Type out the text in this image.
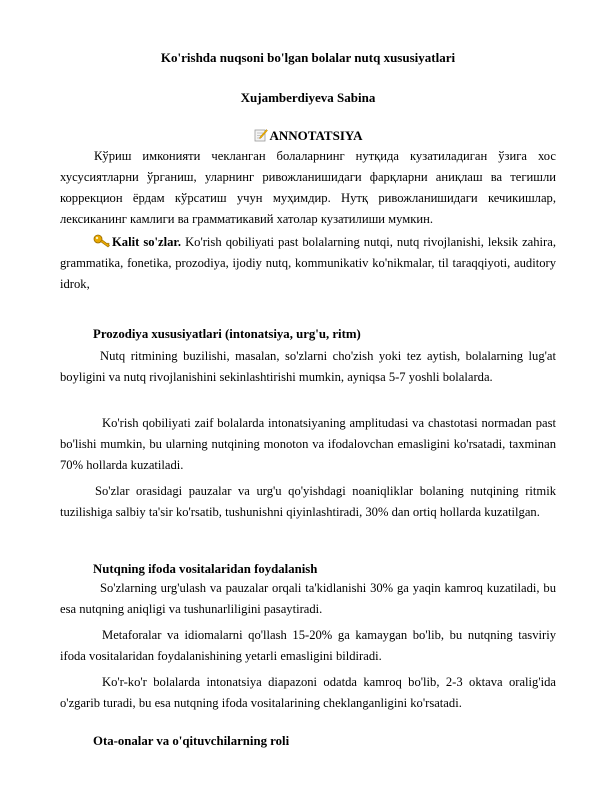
Ko'rishda nuqsoni bo'lgan bolalar nutq xususiyatlari
Xujamberdiyeva Sabina
ANNOTATSIYA
Кўриш имконияти чекланган болаларнинг нутқида кузатиладиган ўзига хос хусусиятларни ўрганиш, уларнинг ривожланишидаги фарқларни аниқлаш ва тегишли коррекцион ёрдам кўрсатиш учун муҳимдир. Нутқ ривожланишидаги кечикишлар, лексиканинг камлиги ва грамматикавий хатолар кузатилиши мумкин.
Kalit so'zlar. Ko'rish qobiliyati past bolalarning nutqi, nutq rivojlanishi, leksik zahira, grammatika, fonetika, prozodiya, ijodiy nutq, kommunikativ ko'nikmalar, til taraqqiyoti, auditory idrok,
Prozodiya xususiyatlari (intonatsiya, urg'u, ritm)
Nutq ritmining buzilishi, masalan, so'zlarni cho'zish yoki tez aytish, bolalarning lug'at boyligini va nutq rivojlanishini sekinlashtirishi mumkin, ayniqsa 5-7 yoshli bolalarda.
Ko'rish qobiliyati zaif bolalarda intonatsiyaning amplitudasi va chastotasi normadan past bo'lishi mumkin, bu ularning nutqining monoton va ifodalovchan emasligini ko'rsatadi, taxminan 70% hollarda kuzatiladi.
So'zlar orasidagi pauzalar va urg'u qo'yishdagi noaniqliklar bolaning nutqining ritmik tuzilishiga salbiy ta'sir ko'rsatib, tushunishni qiyinlashtiradi, 30% dan ortiq hollarda kuzatilgan.
Nutqning ifoda vositalaridan foydalanish
So'zlarning urg'ulash va pauzalar orqali ta'kidlanishi 30% ga yaqin kamroq kuzatiladi, bu esa nutqning aniqligi va tushunarliligini pasaytiradi.
Metaforalar va idiomalarni qo'llash 15-20% ga kamaygan bo'lib, bu nutqning tasviriy ifoda vositalaridan foydalanishining yetarli emasligini bildiradi.
Ko'r-ko'r bolalarda intonatsiya diapazoni odatda kamroq bo'lib, 2-3 oktava oralig'ida o'zgarib turadi, bu esa nutqning ifoda vositalarining cheklanganligini ko'rsatadi.
Ota-onalar va o'qituvchilarning roli
